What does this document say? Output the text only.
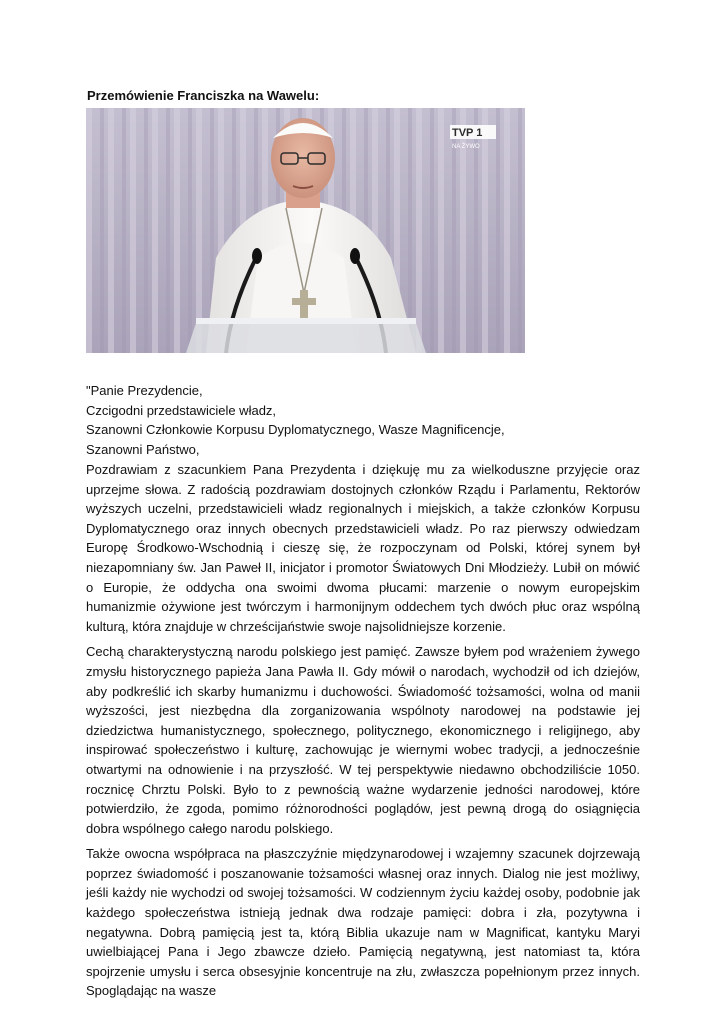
Przemówienie Franciszka na Wawelu:
TVP 1
NA ŻYWO
"Panie Prezydencie,
Czcigodni przedstawiciele władz,
Szanowni Członkowie Korpusu Dyplomatycznego, Wasze Magnificencje,
Szanowni Państwo,

Pozdrawiam z szacunkiem Pana Prezydenta i dziękuję mu za wielkoduszne przyjęcie oraz uprzejme słowa. Z radością pozdrawiam dostojnych członków Rządu i Parlamentu, Rektorów wyższych uczelni, przedstawicieli władz regionalnych i miejskich, a także członków Korpusu Dyplomatycznego oraz innych obecnych przedstawicieli władz. Po raz pierwszy odwiedzam Europę Środkowo-Wschodnią i cieszę się, że rozpoczynam od Polski, której synem był niezapomniany św. Jan Paweł II, inicjator i promotor Światowych Dni Młodzieży. Lubił on mówić o Europie, że oddycha ona swoimi dwoma płucami: marzenie o nowym europejskim humanizmie ożywione jest twórczym i harmonijnym oddechem tych dwóch płuc oraz wspólną kulturą, która znajduje w chrześcijaństwie swoje najsolidniejsze korzenie.

Cechą charakterystyczną narodu polskiego jest pamięć. Zawsze byłem pod wrażeniem żywego zmysłu historycznego papieża Jana Pawła II. Gdy mówił o narodach, wychodził od ich dziejów, aby podkreślić ich skarby humanizmu i duchowości. Świadomość tożsamości, wolna od manii wyższości, jest niezbędna dla zorganizowania wspólnoty narodowej na podstawie jej dziedzictwa humanistycznego, społecznego, politycznego, ekonomicznego i religijnego, aby inspirować społeczeństwo i kulturę, zachowując je wiernymi wobec tradycji, a jednocześnie otwartymi na odnowienie i na przyszłość. W tej perspektywie niedawno obchodziliście 1050. rocznicę Chrztu Polski. Było to z pewnością ważne wydarzenie jedności narodowej, które potwierdziło, że zgoda, pomimo różnorodności poglądów, jest pewną drogą do osiągnięcia dobra wspólnego całego narodu polskiego.

Także owocna współpraca na płaszczyźnie międzynarodowej i wzajemny szacunek dojrzewają poprzez świadomość i poszanowanie tożsamości własnej oraz innych. Dialog nie jest możliwy, jeśli każdy nie wychodzi od swojej tożsamości. W codziennym życiu każdej osoby, podobnie jak każdego społeczeństwa istnieją jednak dwa rodzaje pamięci: dobra i zła, pozytywna i negatywna. Dobrą pamięcią jest ta, którą Biblia ukazuje nam w Magnificat, kantyku Maryi uwielbiającej Pana i Jego zbawcze dzieło. Pamięcią negatywną, jest natomiast ta, która spojrzenie umysłu i serca obsesyjnie koncentruje na złu, zwłaszcza popełnionym przez innych. Spoglądając na wasze
